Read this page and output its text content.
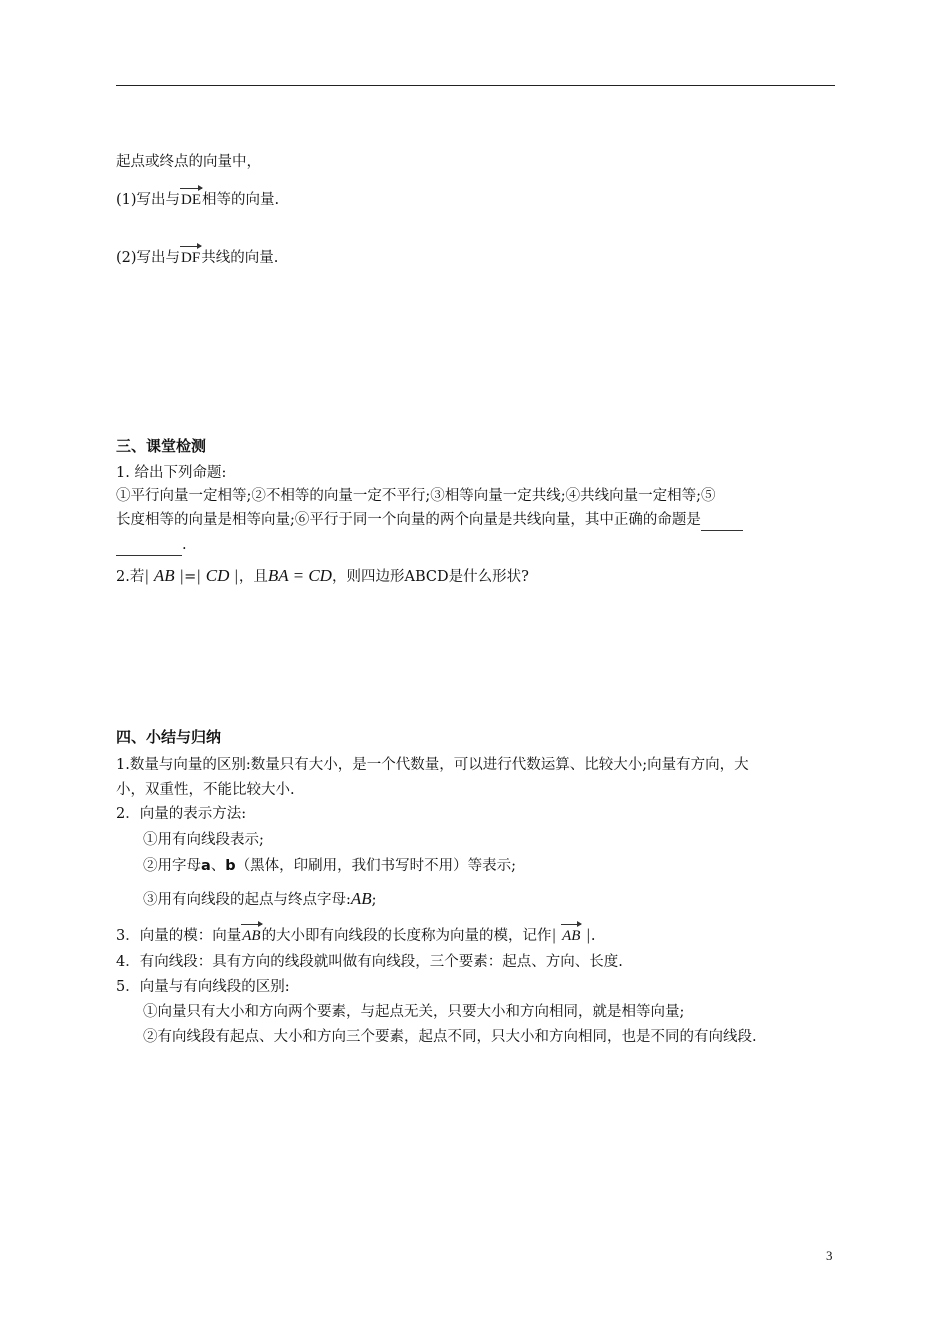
起点或终点的向量中，
(1)写出与DE相等的向量.
(2)写出与DF共线的向量.
三、课堂检测
1. 给出下列命题:
①平行向量一定相等;②不相等的向量一定不平行;③相等向量一定共线;④共线向量一定相等;⑤
长度相等的向量是相等向量;⑥平行于同一个向量的两个向量是共线向量，其中正确的命题是
.
2.若| AB |=| CD |，且BA = CD，则四边形ABCD是什么形状?
四、小结与归纳
1.数量与向量的区别:数量只有大小，是一个代数量，可以进行代数运算、比较大小;向量有方向，大
小，双重性，不能比较大小.
2．向量的表示方法:
①用有向线段表示;
②用字母a、b（黑体，印刷用，我们书写时不用）等表示;
③用有向线段的起点与终点字母:AB;
3．向量的模：向量AB的大小即有向线段的长度称为向量的模，记作| AB |.
4．有向线段：具有方向的线段就叫做有向线段，三个要素：起点、方向、长度.
5．向量与有向线段的区别:
①向量只有大小和方向两个要素，与起点无关，只要大小和方向相同，就是相等向量;
②有向线段有起点、大小和方向三个要素，起点不同，只大小和方向相同，也是不同的有向线段.
3
